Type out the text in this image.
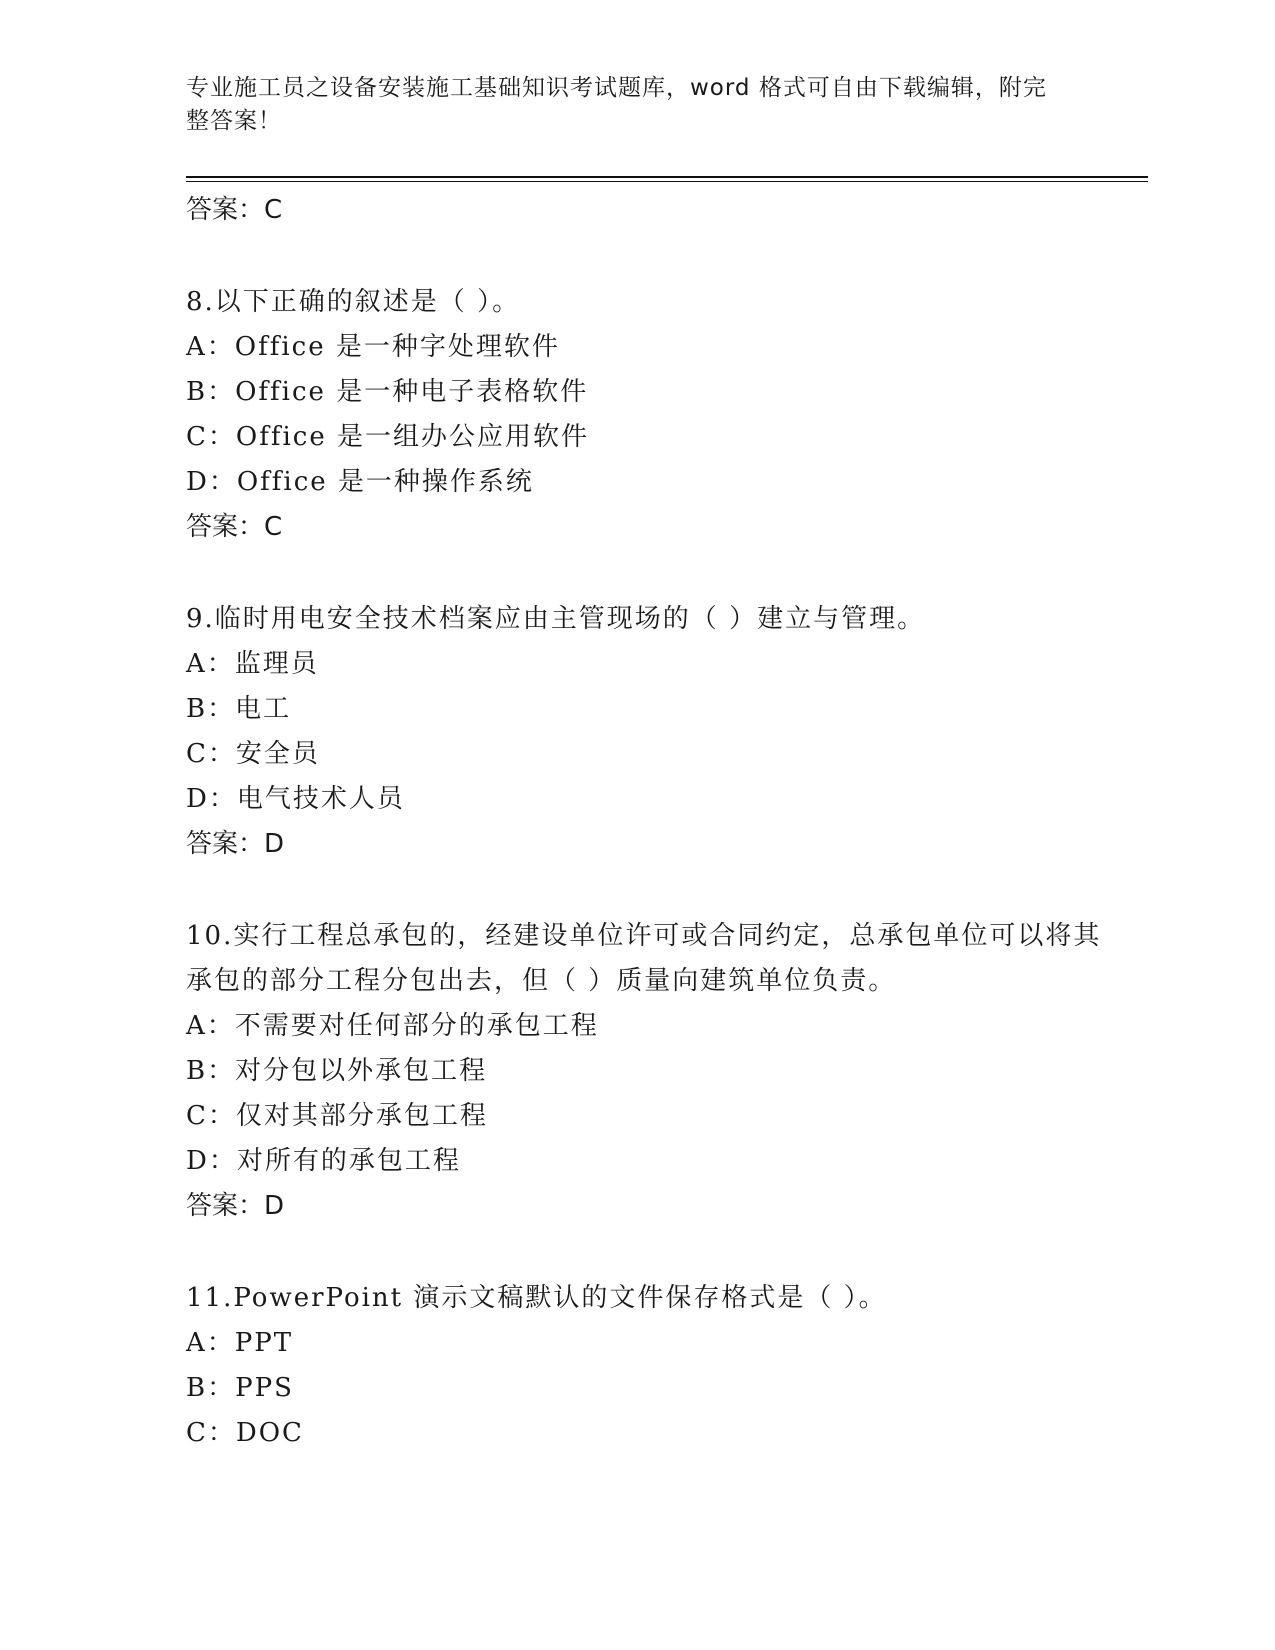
专业施工员之设备安装施工基础知识考试题库，word 格式可自由下载编辑，附完整答案！
答案：C
8.以下正确的叙述是（ ）。
A：Office 是一种字处理软件
B：Office 是一种电子表格软件
C：Office 是一组办公应用软件
D：Office 是一种操作系统
答案：C
9.临时用电安全技术档案应由主管现场的（ ）建立与管理。
A：监理员
B：电工
C：安全员
D：电气技术人员
答案：D
10.实行工程总承包的，经建设单位许可或合同约定，总承包单位可以将其承包的部分工程分包出去，但（ ）质量向建筑单位负责。
A：不需要对任何部分的承包工程
B：对分包以外承包工程
C：仅对其部分承包工程
D：对所有的承包工程
答案：D
11.PowerPoint 演示文稿默认的文件保存格式是（ ）。
A：PPT
B：PPS
C：DOC
